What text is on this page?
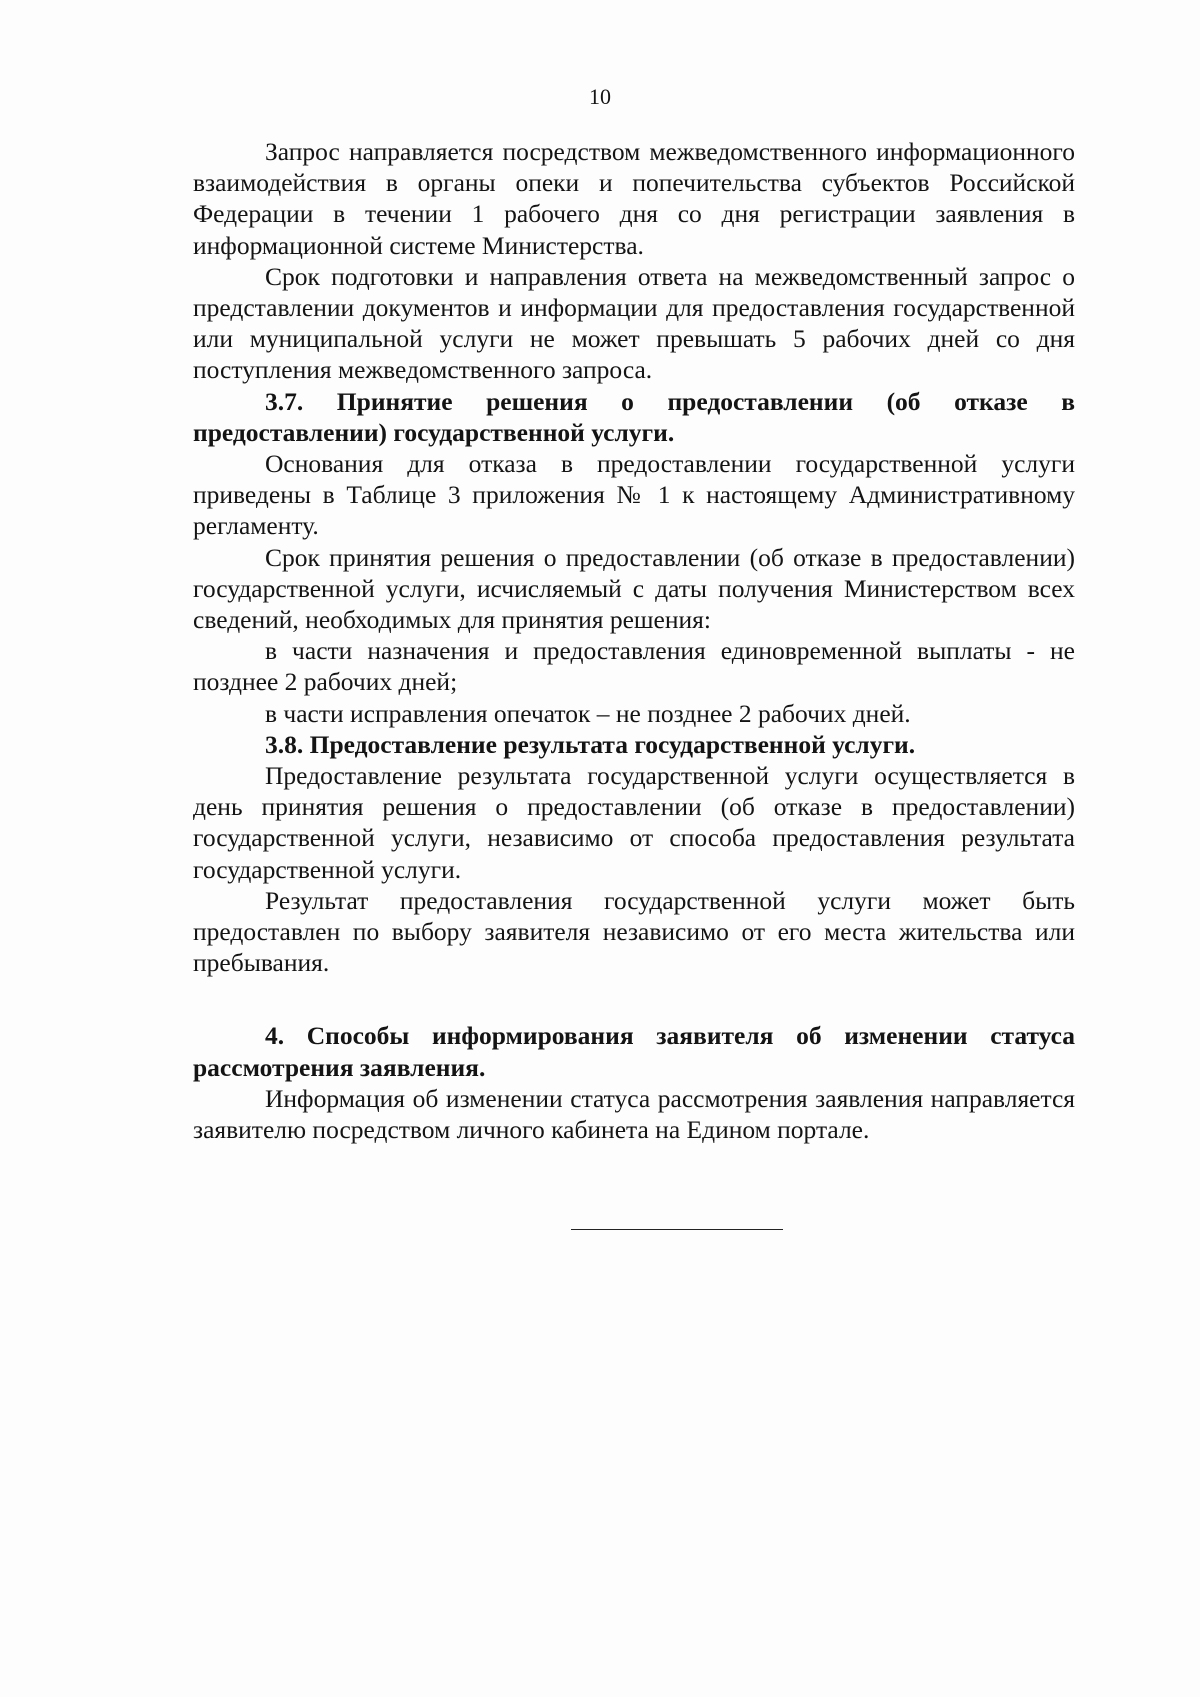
10

Запрос направляется посредством межведомственного информационного взаимодействия в органы опеки и попечительства субъектов Российской Федерации в течении 1 рабочего дня со дня регистрации заявления в информационной системе Министерства.

Срок подготовки и направления ответа на межведомственный запрос о представлении документов и информации для предоставления государственной или муниципальной услуги не может превышать 5 рабочих дней со дня поступления межведомственного запроса.

3.7. Принятие решения о предоставлении (об отказе в предоставлении) государственной услуги.

Основания для отказа в предоставлении государственной услуги приведены в Таблице 3 приложения № 1 к настоящему Административному регламенту.

Срок принятия решения о предоставлении (об отказе в предоставлении) государственной услуги, исчисляемый с даты получения Министерством всех сведений, необходимых для принятия решения:

в части назначения и предоставления единовременной выплаты - не позднее 2 рабочих дней;

в части исправления опечаток – не позднее 2 рабочих дней.

3.8. Предоставление результата государственной услуги.

Предоставление результата государственной услуги осуществляется в день принятия решения о предоставлении (об отказе в предоставлении) государственной услуги, независимо от способа предоставления результата государственной услуги.

Результат предоставления государственной услуги может быть предоставлен по выбору заявителя независимо от его места жительства или пребывания.

4. Способы информирования заявителя об изменении статуса рассмотрения заявления.

Информация об изменении статуса рассмотрения заявления направляется заявителю посредством личного кабинета на Едином портале.
